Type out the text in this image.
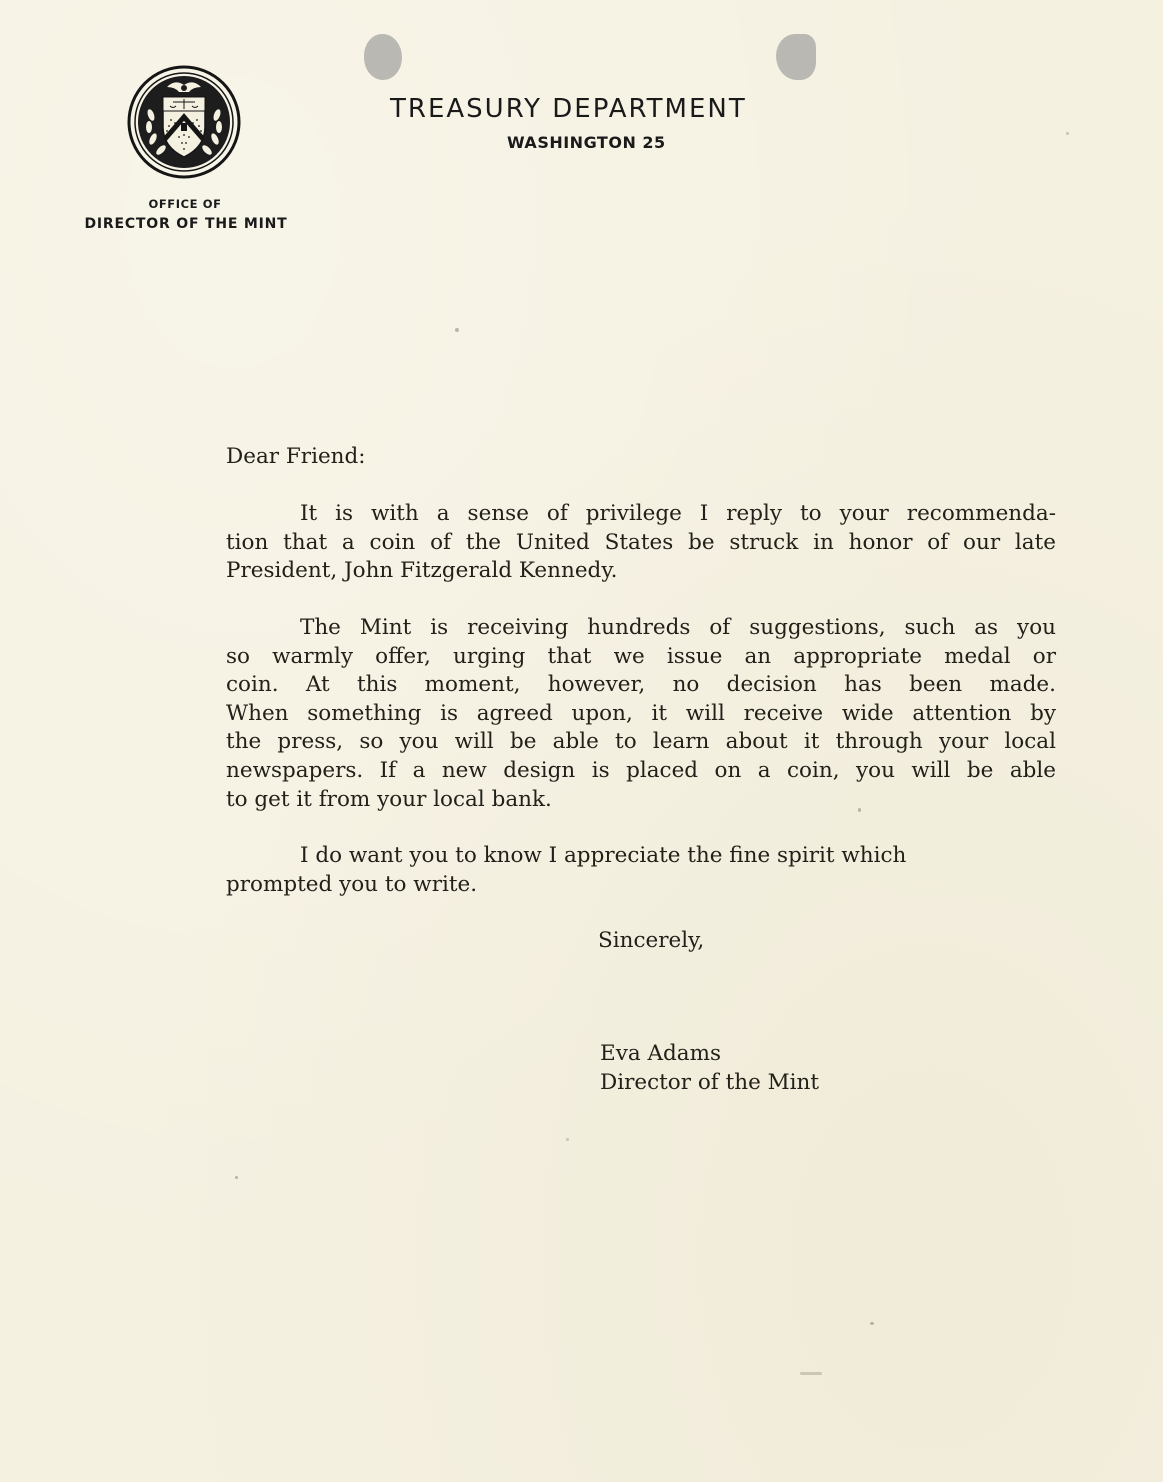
TREASURY DEPARTMENT
WASHINGTON 25
OFFICE OF
DIRECTOR OF THE MINT
Dear Friend:
It is with a sense of privilege I reply to your recommenda-
tion that a coin of the United States be struck in honor of our late
President, John Fitzgerald Kennedy.
The Mint is receiving hundreds of suggestions, such as you
so warmly offer, urging that we issue an appropriate medal or
coin. At this moment, however, no decision has been made.
When something is agreed upon, it will receive wide attention by
the press, so you will be able to learn about it through your local
newspapers. If a new design is placed on a coin, you will be able
to get it from your local bank.
I do want you to know I appreciate the fine spirit which
prompted you to write.
Sincerely,
Eva Adams
Director of the Mint
